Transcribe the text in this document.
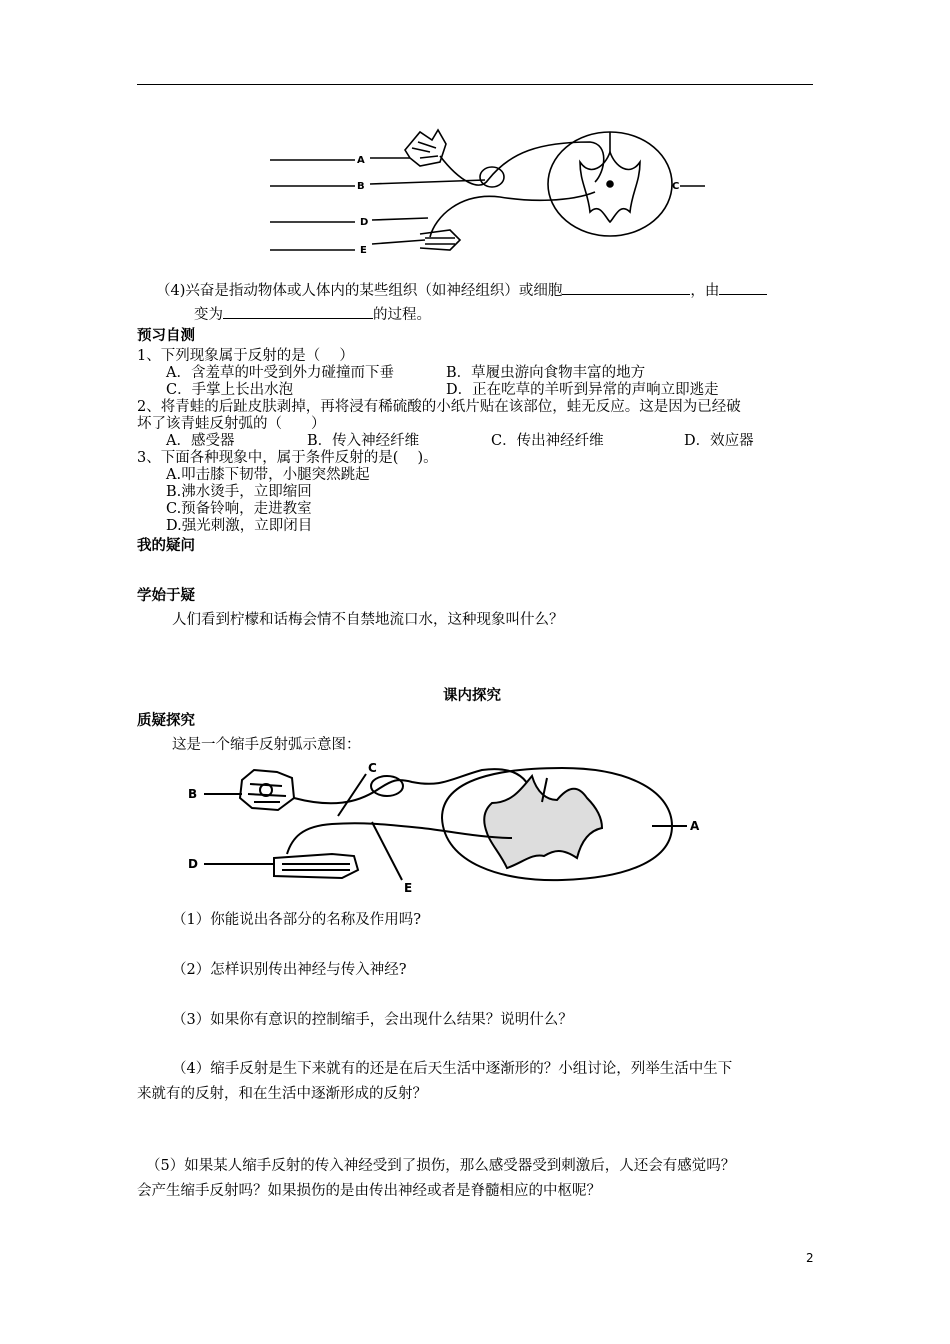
A
B	C
D
E
（4)兴奋是指动物体或人体内的某些组织（如神经组织）或细胞	，由
变为	的过程。
预习自测
1、下列现象属于反射的是（　 ）
A．含羞草的叶受到外力碰撞而下垂	B．草履虫游向食物丰富的地方
C．手掌上长出水泡	D．正在吃草的羊听到异常的声响立即逃走
2、将青蛙的后趾皮肤剥掉，再将浸有稀硫酸的小纸片贴在该部位，蛙无反应。这是因为已经破
坏了该青蛙反射弧的（　　）
A．感受器	B．传入神经纤维	C．传出神经纤维	D．效应器
3、下面各种现象中，属于条件反射的是(　 )。
A.叩击膝下韧带，小腿突然跳起
B.沸水烫手，立即缩回
C.预备铃响，走进教室
D.强光刺激，立即闭目
我的疑问
学始于疑
人们看到柠檬和话梅会情不自禁地流口水，这种现象叫什么？
课内探究
质疑探究
这是一个缩手反射弧示意图：
B
C
D
A
E
（1）你能说出各部分的名称及作用吗?
（2）怎样识别传出神经与传入神经?
（3）如果你有意识的控制缩手，会出现什么结果？说明什么？
（4）缩手反射是生下来就有的还是在后天生活中逐渐形的？小组讨论，列举生活中生下
来就有的反射，和在生活中逐渐形成的反射？
（5）如果某人缩手反射的传入神经受到了损伤，那么感受器受到刺激后，人还会有感觉吗？
会产生缩手反射吗？如果损伤的是由传出神经或者是脊髓相应的中枢呢？
2
